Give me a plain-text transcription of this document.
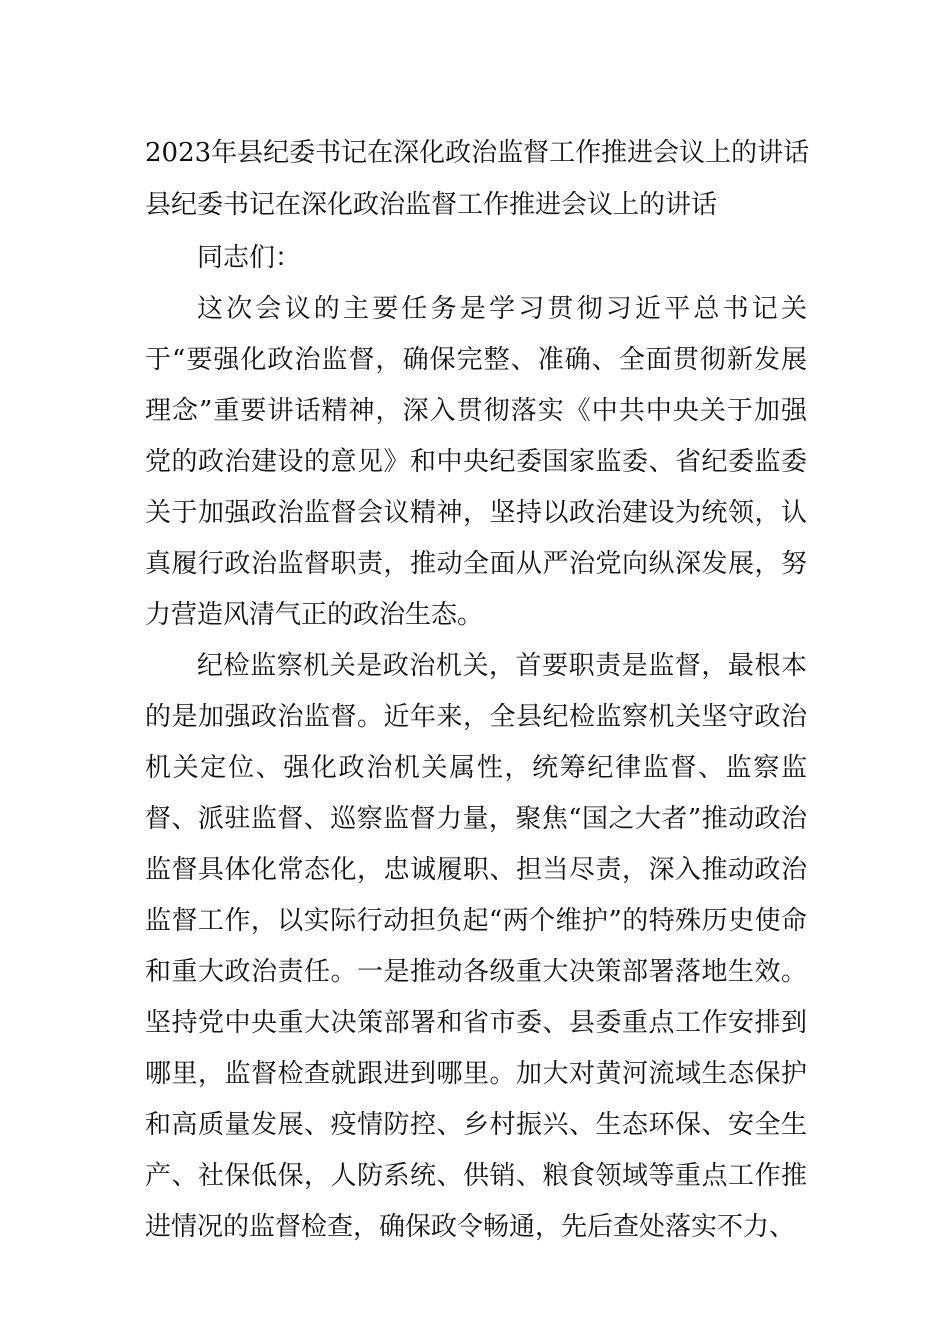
2023年县纪委书记在深化政治监督工作推进会议上的讲话
县纪委书记在深化政治监督工作推进会议上的讲话

同志们：

这次会议的主要任务是学习贯彻习近平总书记关于“要强化政治监督，确保完整、准确、全面贯彻新发展理念”重要讲话精神，深入贯彻落实《中共中央关于加强党的政治建设的意见》和中央纪委国家监委、省纪委监委关于加强政治监督会议精神，坚持以政治建设为统领，认真履行政治监督职责，推动全面从严治党向纵深发展，努力营造风清气正的政治生态。

纪检监察机关是政治机关，首要职责是监督，最根本的是加强政治监督。近年来，全县纪检监察机关坚守政治机关定位、强化政治机关属性，统筹纪律监督、监察监督、派驻监督、巡察监督力量，聚焦“国之大者”推动政治监督具体化常态化，忠诚履职、担当尽责，深入推动政治监督工作，以实际行动担负起“两个维护”的特殊历史使命和重大政治责任。一是推动各级重大决策部署落地生效。坚持党中央重大决策部署和省市委、县委重点工作安排到哪里，监督检查就跟进到哪里。加大对黄河流域生态保护和高质量发展、疫情防控、乡村振兴、生态环保、安全生产、社保低保，人防系统、供销、粮食领域等重点工作推进情况的监督检查，确保政令畅通，先后查处落实不力、
